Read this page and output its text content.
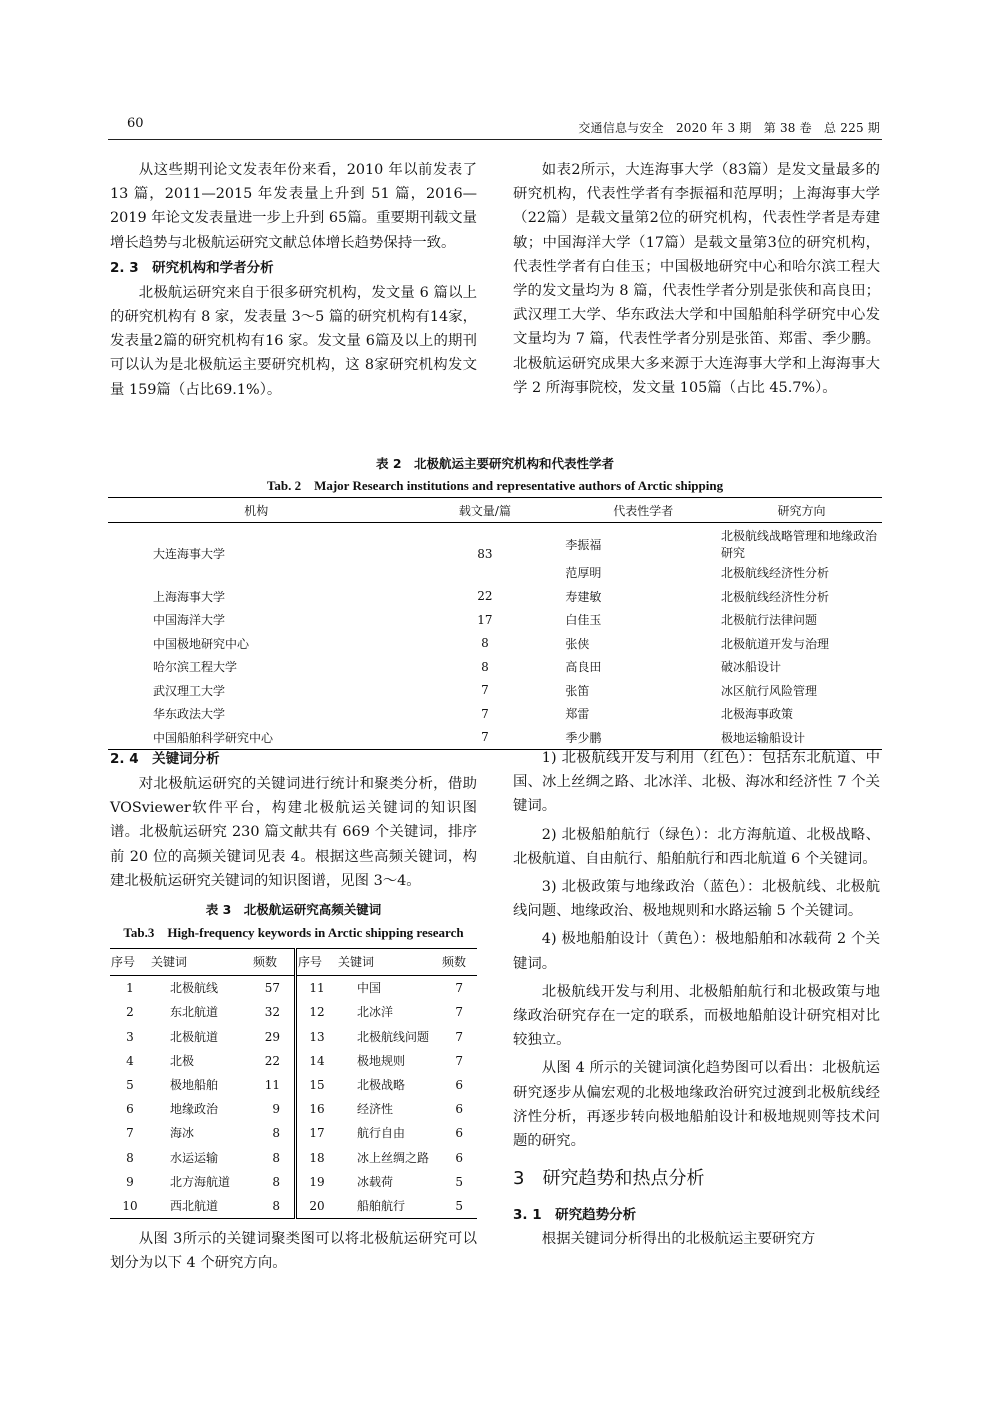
60	交通信息与安全　2020 年 3 期　第 38 卷　总 225 期

从这些期刊论文发表年份来看，2010 年以前发表了 13 篇，2011—2015 年发表量上升到 51 篇，2016—2019 年论文发表量进一步上升到 65篇。重要期刊载文量增长趋势与北极航运研究文献总体增长趋势保持一致。

2. 3　研究机构和学者分析

北极航运研究来自于很多研究机构，发文量 6 篇以上的研究机构有 8 家，发表量 3～5 篇的研究机构有14家，发表量2篇的研究机构有16 家。发文量 6篇及以上的期刊可以认为是北极航运主要研究机构，这 8家研究机构发文量 159篇（占比69.1%）。

如表2所示，大连海事大学（83篇）是发文量最多的研究机构，代表性学者有李振福和范厚明；上海海事大学（22篇）是载文量第2位的研究机构，代表性学者是寿建敏；中国海洋大学（17篇）是载文量第3位的研究机构，代表性学者有白佳玉；中国极地研究中心和哈尔滨工程大学的发文量均为 8 篇，代表性学者分别是张侠和高良田；武汉理工大学、华东政法大学和中国船舶科学研究中心发文量均为 7 篇，代表性学者分别是张笛、郑雷、季少鹏。北极航运研究成果大多来源于大连海事大学和上海海事大学 2 所海事院校，发文量 105篇（占比 45.7%）。

表 2　北极航运主要研究机构和代表性学者
Tab. 2　Major Research institutions and representative authors of Arctic shipping
机构	载文量/篇	代表性学者	研究方向
大连海事大学	83	李振福	北极航线战略管理和地缘政治研究
		范厚明	北极航线经济性分析
上海海事大学	22	寿建敏	北极航线经济性分析
中国海洋大学	17	白佳玉	北极航行法律问题
中国极地研究中心	8	张侠	北极航道开发与治理
哈尔滨工程大学	8	高良田	破冰船设计
武汉理工大学	7	张笛	冰区航行风险管理
华东政法大学	7	郑雷	北极海事政策
中国船舶科学研究中心	7	季少鹏	极地运输船设计

2. 4　关键词分析

对北极航运研究的关键词进行统计和聚类分析，借助VOSviewer软件平台，构建北极航运关键词的知识图谱。北极航运研究 230 篇文献共有 669 个关键词，排序前 20 位的高频关键词见表 4。根据这些高频关键词，构建北极航运研究关键词的知识图谱，见图 3～4。

表 3　北极航运研究高频关键词
Tab.3　High-frequency keywords in Arctic shipping research
序号	关键词	频数	序号	关键词	频数
1	北极航线	57	11	中国	7
2	东北航道	32	12	北冰洋	7
3	北极航道	29	13	北极航线问题	7
4	北极	22	14	极地规则	7
5	极地船舶	11	15	北极战略	6
6	地缘政治	9	16	经济性	6
7	海冰	8	17	航行自由	6
8	水运运输	8	18	冰上丝绸之路	6
9	北方海航道	8	19	冰载荷	5
10	西北航道	8	20	船舶航行	5

从图 3所示的关键词聚类图可以将北极航运研究可以划分为以下 4 个研究方向。

1) 北极航线开发与利用（红色）：包括东北航道、中国、冰上丝绸之路、北冰洋、北极、海冰和经济性 7 个关键词。

2) 北极船舶航行（绿色）：北方海航道、北极战略、北极航道、自由航行、船舶航行和西北航道 6 个关键词。

3) 北极政策与地缘政治（蓝色）：北极航线、北极航线问题、地缘政治、极地规则和水路运输 5 个关键词。

4) 极地船舶设计（黄色）：极地船舶和冰载荷 2 个关键词。

北极航线开发与利用、北极船舶航行和北极政策与地缘政治研究存在一定的联系，而极地船舶设计研究相对比较独立。

从图 4 所示的关键词演化趋势图可以看出：北极航运研究逐步从偏宏观的北极地缘政治研究过渡到北极航线经济性分析，再逐步转向极地船舶设计和极地规则等技术问题的研究。

3　研究趋势和热点分析

3. 1　研究趋势分析

根据关键词分析得出的北极航运主要研究方
